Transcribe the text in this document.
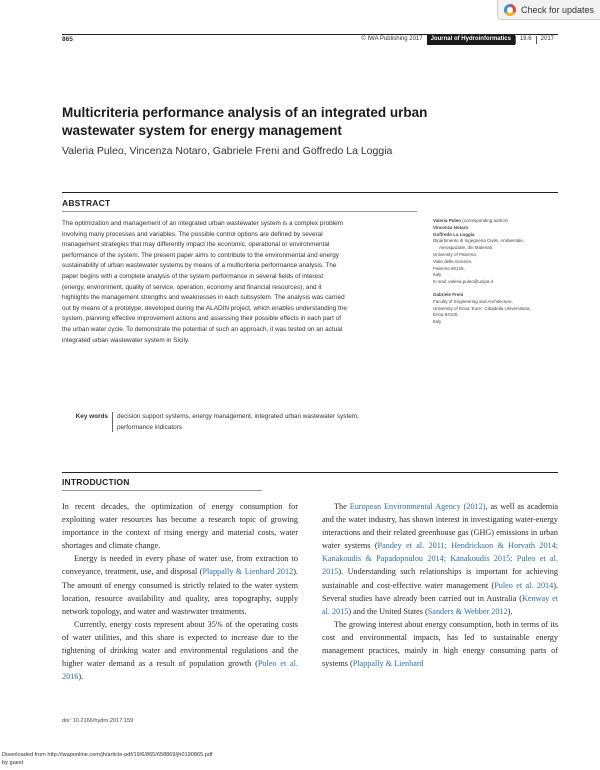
Check for updates
865	© IWA Publishing 2017	Journal of Hydroinformatics	19.6	2017
Multicriteria performance analysis of an integrated urban
wastewater system for energy management
Valeria Puleo, Vincenza Notaro, Gabriele Freni and Goffredo La Loggia
ABSTRACT

The optimization and management of an integrated urban wastewater system is a complex problem
involving many processes and variables. The possible control options are defined by several
management strategies that may differently impact the economic, operational or environmental
performance of the system. The present paper aims to contribute to the environmental and energy
sustainability of urban wastewater systems by means of a multicriteria performance analysis. The
paper begins with a complete analysis of the system performance in several fields of interest
(energy, environment, quality of service, operation, economy and financial resources), and it
highlights the management strengths and weaknesses in each subsystem. The analysis was carried
out by means of a prototype, developed during the ALADIN project, which enables understanding the
system, planning effective improvement actions and assessing their possible effects in each part of
the urban water cycle. To demonstrate the potential of such an approach, it was tested on an actual
integrated urban wastewater system in Sicily.

Key words	decision support systems, energy management, integrated urban wastewater system,
performance indicators
Valeria Puleo (corresponding author)
Vincenza Notaro
Goffredo La Loggia
Dipartimento di Ingegneria Civile, Ambientale,
Aerospaziale, dei Materiali,
University of Palermo,
Viale delle Scienze,
Palermo 90128,
Italy
E-mail: valeria.puleo@unipa.it
Gabriele Freni
Faculty of Engineering and Architecture,
University of Enna 'Kore', Cittadella Universitaria,
Enna 94100,
Italy
INTRODUCTION

In recent decades, the optimization of energy consumption for exploiting water resources has become a research topic of growing importance in the context of rising energy and material costs, water shortages and climate change.

Energy is needed in every phase of water use, from extraction to conveyance, treatment, use, and disposal (Plappally & Lienhard 2012). The amount of energy consumed is strictly related to the water system location, resource availability and quality, area topography, supply network topology, and water and wastewater treatments.

Currently, energy costs represent about 35% of the operating costs of water utilities, and this share is expected to increase due to the tightening of drinking water and environmental regulations and the higher water demand as a result of population growth (Puleo et al. 2016).

The European Environmental Agency (2012), as well as academia and the water industry, has shown interest in investigating water-energy interactions and their related greenhouse gas (GHG) emissions in urban water systems (Pandey et al. 2011; Hendrickson & Horvath 2014; Kanakoudis & Papadopoulou 2014; Kanakoudis 2015; Puleo et al. 2015). Understanding such relationships is important for achieving sustainable and cost-effective water management (Puleo et al. 2014). Several studies have already been carried out in Australia (Kenway et al. 2015) and the United States (Sanders & Webber 2012).

The growing interest about energy consumption, both in terms of its cost and environmental impacts, has led to sustainable energy management practices, mainly in high energy consuming parts of systems (Plappally & Lienhard

doi: 10.2166/hydro.2017.159
Downloaded from http://iwaponline.com/jh/article-pdf/19/6/865/658869/jh0190865.pdf
by guest
